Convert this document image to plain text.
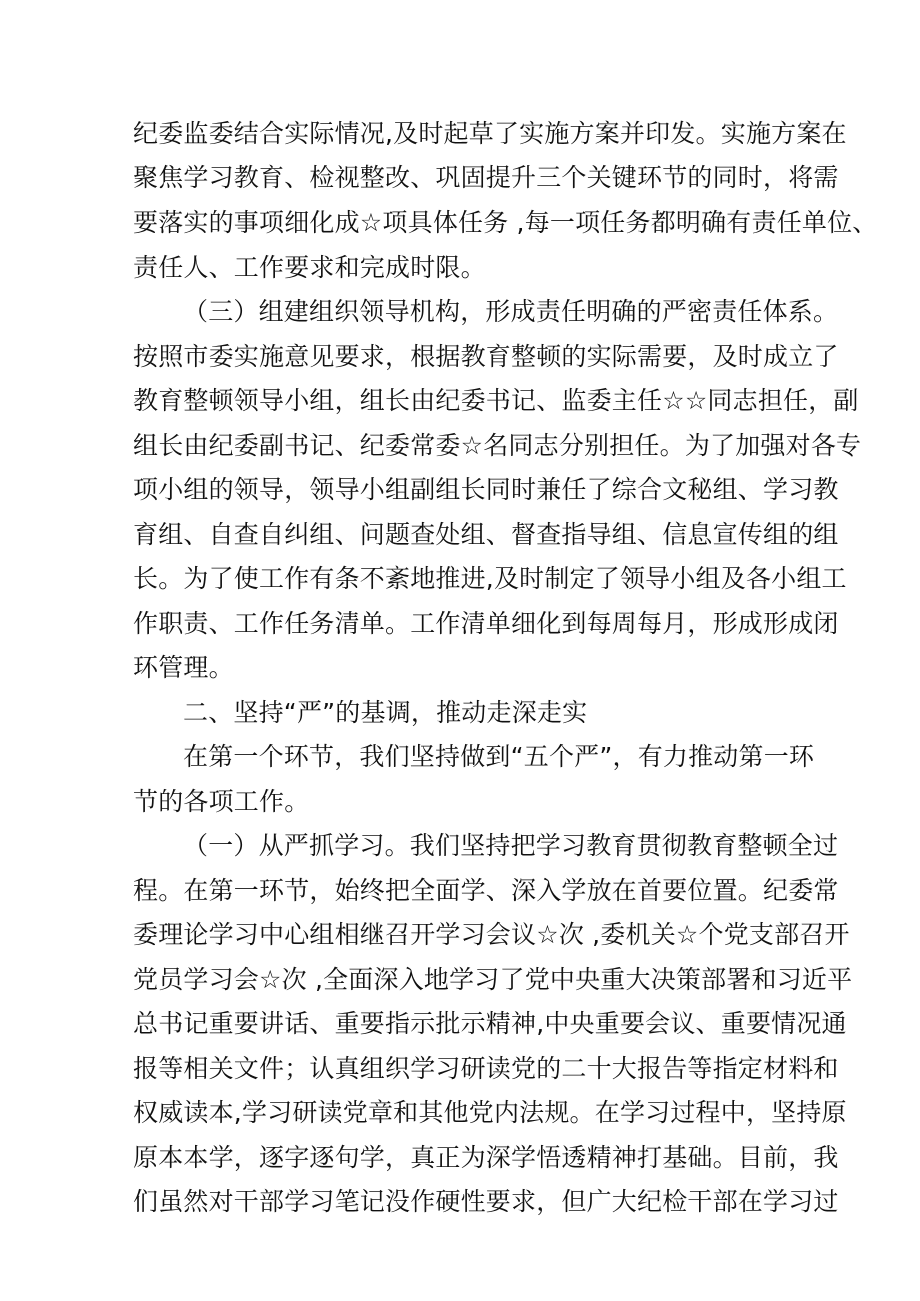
纪委监委结合实际情况,及时起草了实施方案并印发。实施方案在

聚焦学习教育、检视整改、巩固提升三个关键环节的同时，将需

要落实的事项细化成☆项具体任务 ,每一项任务都明确有责任单位、

责任人、工作要求和完成时限。

（三）组建组织领导机构，形成责任明确的严密责任体系。

按照市委实施意见要求，根据教育整顿的实际需要，及时成立了

教育整顿领导小组，组长由纪委书记、监委主任☆☆同志担任，副

组长由纪委副书记、纪委常委☆名同志分别担任。为了加强对各专

项小组的领导，领导小组副组长同时兼任了综合文秘组、学习教

育组、自查自纠组、问题查处组、督查指导组、信息宣传组的组

长。为了使工作有条不紊地推进,及时制定了领导小组及各小组工

作职责、工作任务清单。工作清单细化到每周每月，形成形成闭

环管理。

二、坚持“严”的基调，推动走深走实

在第一个环节，我们坚持做到“五个严”，有力推动第一环

节的各项工作。

（一）从严抓学习。我们坚持把学习教育贯彻教育整顿全过

程。在第一环节，始终把全面学、深入学放在首要位置。纪委常

委理论学习中心组相继召开学习会议☆次 ,委机关☆个党支部召开

党员学习会☆次 ,全面深入地学习了党中央重大决策部署和习近平

总书记重要讲话、重要指示批示精神,中央重要会议、重要情况通

报等相关文件；认真组织学习研读党的二十大报告等指定材料和

权威读本,学习研读党章和其他党内法规。在学习过程中，坚持原

原本本学，逐字逐句学，真正为深学悟透精神打基础。目前，我

们虽然对干部学习笔记没作硬性要求，但广大纪检干部在学习过
